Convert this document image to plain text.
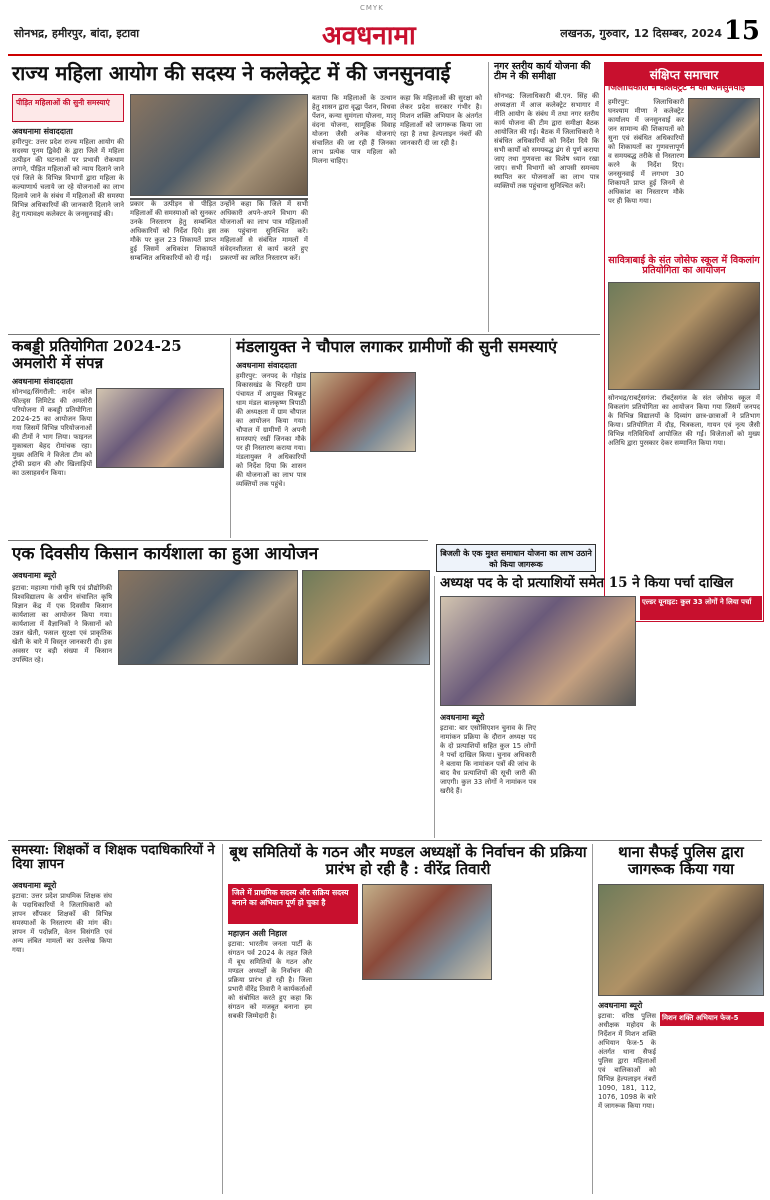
CMYK
सोनभद्र, हमीरपुर, बांदा, इटावा	अवधनामा	लखनऊ, गुरुवार, 12 दिसम्बर, 2024 15
राज्य महिला आयोग की सदस्य ने कलेक्ट्रेट में की जनसुनवाई
पीड़ित महिलाओं की सुनी समस्याएं
अवधनामा संवाददाता
हमीरपुर: उत्तर प्रदेश राज्य महिला आयोग की सदस्या पूनम द्विवेदी के द्वारा जिले में महिला उत्पीड़न की घटनाओं पर प्रभावी रोकथाम लगाने, पीड़ित महिलाओं को न्याय दिलाने जाने एवं जिले के विभिन्न विभागों द्वारा महिला के कल्याणार्थ चलाये जा रहे योजनाओं का लाभ दिलाये जाने के संबंध में महिलाओं की समस्या विभिन्न अधिकारियों की जानकारी दिलाने जाने हेतु गत्यावक्ष्य कलेक्टर के जनसुनवाई की।
प्रकार के उत्पीड़न से पीड़ित महिलाओं की समस्याओं को सुनकर उनके निस्तारण हेतु सम्बन्धित अधिकारियों को निर्देश दिये। इस मौके पर कुल 23 शिकायतें प्राप्त हुई जिसमें अधिकांश शिकायतें सम्बन्धित अधिकारियों को दी गई।
उन्होंने कहा कि जिले में सभी अधिकारी अपने-अपने विभाग की योजनाओं का लाभ पात्र महिलाओं तक पहुंचाना सुनिश्चित करें। महिलाओं से संबंधित मामलों में संवेदनशीलता से कार्य करते हुए प्रकरणों का त्वरित निस्तारण करें।
बताया कि महिलाओं के उत्थान हेतु शासन द्वारा वृद्धा पेंशन, विधवा पेंशन, कन्या सुमंगला योजना, मातृ वंदना योजना, सामूहिक विवाह योजना जैसी अनेक योजनाएं संचालित की जा रही हैं जिनका लाभ प्रत्येक पात्र महिला को मिलना चाहिए।
कहा कि महिलाओं की सुरक्षा को लेकर प्रदेश सरकार गंभीर है। मिशन शक्ति अभियान के अंतर्गत महिलाओं को जागरूक किया जा रहा है तथा हेल्पलाइन नंबरों की जानकारी दी जा रही है।
नगर स्तरीय कार्य योजना की टीम ने की समीक्षा
सोनभद्र: जिलाधिकारी बी.एन. सिंह की अध्यक्षता में आज कलेक्ट्रेट सभागार में नीति आयोग के संबंध में तथा नगर स्तरीय कार्य योजना की टीम द्वारा समीक्षा बैठक आयोजित की गई। बैठक में जिलाधिकारी ने संबंधित अधिकारियों को निर्देश दिये कि सभी कार्यों को समयबद्ध ढंग से पूर्ण कराया जाए तथा गुणवत्ता का विशेष ध्यान रखा जाए। सभी विभागों को आपसी समन्वय स्थापित कर योजनाओं का लाभ पात्र व्यक्तियों तक पहुंचाना सुनिश्चित करें।
संक्षिप्त समाचार
जिलाधिकारी ने कलेक्ट्रेट में की जनसुनवाई
हमीरपुर: जिलाधिकारी घनश्याम मीणा ने कलेक्ट्रेट कार्यालय में जनसुनवाई कर जन सामान्य की शिकायतों को सुना एवं संबंधित अधिकारियों को शिकायतों का गुणवत्तापूर्ण व समयबद्ध तरीके से निस्तारण करने के निर्देश दिए। जनसुनवाई में लगभग 30 शिकायतें प्राप्त हुई जिनमें से अधिकांश का निस्तारण मौके पर ही किया गया।
सावित्राबाई के संत जोसेफ स्कूल में विकलांग प्रतियोगिता का आयोजन
सोनभद्र/राबर्ट्सगंज: रॉबर्ट्सगंज के संत जोसेफ स्कूल में विकलांग प्रतियोगिता का आयोजन किया गया जिसमें जनपद के विभिन्न विद्यालयों के दिव्यांग छात्र-छात्राओं ने प्रतिभाग किया। प्रतियोगिता में दौड़, चित्रकला, गायन एवं नृत्य जैसी विभिन्न गतिविधियाँ आयोजित की गईं। विजेताओं को मुख्य अतिथि द्वारा पुरस्कार देकर सम्मानित किया गया।
कबड्डी प्रतियोगिता 2024-25 अमलोरी में संपन्न
अवधनामा संवाददाता
सोनभद्र/सिंगरौली: नार्दन कोल फील्ड्स लिमिटेड की अमलोरी परियोजना में कबड्डी प्रतियोगिता 2024-25 का आयोजन किया गया जिसमें विभिन्न परियोजनाओं की टीमों ने भाग लिया। फाइनल मुकाबला बेहद रोमांचक रहा। मुख्य अतिथि ने विजेता टीम को ट्रॉफी प्रदान की और खिलाड़ियों का उत्साहवर्धन किया।
मंडलायुक्त ने चौपाल लगाकर ग्रामीणों की सुनी समस्याएं
अवधनामा संवाददाता
हमीरपुर: जनपद के गोहांड विकासखंड के चिरहरी ग्राम पंचायत में आयुक्त चित्रकूट धाम मंडल बालकृष्ण त्रिपाठी की अध्यक्षता में ग्राम चौपाल का आयोजन किया गया। चौपाल में ग्रामीणों ने अपनी समस्याएं रखीं जिनका मौके पर ही निस्तारण कराया गया। मंडलायुक्त ने अधिकारियों को निर्देश दिया कि शासन की योजनाओं का लाभ पात्र व्यक्तियों तक पहुंचे।
बिजली के एक मुश्त समाधान योजना का लाभ उठाने को किया जागरूक
एक दिवसीय किसान कार्यशाला का हुआ आयोजन
अवधनामा ब्यूरो
इटावा: महात्मा गांधी कृषि एवं प्रौद्योगिकी विश्वविद्यालय के अधीन संचालित कृषि विज्ञान केंद्र में एक दिवसीय किसान कार्यशाला का आयोजन किया गया। कार्यशाला में वैज्ञानिकों ने किसानों को उन्नत खेती, फसल सुरक्षा एवं प्राकृतिक खेती के बारे में विस्तृत जानकारी दी। इस अवसर पर बड़ी संख्या में किसान उपस्थित रहे।
अध्यक्ष पद के दो प्रत्याशियों समेत 15 ने किया पर्चा दाखिल
एल्डर यूनाइट: कुल 33 लोगों ने लिया पर्चा
अवधनामा ब्यूरो
इटावा: बार एसोसिएशन चुनाव के लिए नामांकन प्रक्रिया के दौरान अध्यक्ष पद के दो प्रत्याशियों सहित कुल 15 लोगों ने पर्चा दाखिल किया। चुनाव अधिकारी ने बताया कि नामांकन पत्रों की जांच के बाद वैध प्रत्याशियों की सूची जारी की जाएगी। कुल 33 लोगों ने नामांकन पत्र खरीदे हैं।
समस्या: शिक्षकों व शिक्षक पदाधिकारियों ने दिया ज्ञापन
अवधनामा ब्यूरो
इटावा: उत्तर प्रदेश प्राथमिक शिक्षक संघ के पदाधिकारियों ने जिलाधिकारी को ज्ञापन सौंपकर शिक्षकों की विभिन्न समस्याओं के निस्तारण की मांग की। ज्ञापन में पदोन्नति, वेतन विसंगति एवं अन्य लंबित मामलों का उल्लेख किया गया।
बूथ समितियों के गठन और मण्डल अध्यक्षों के निर्वाचन की प्रक्रिया प्रारंभ हो रही है : वीरेंद्र तिवारी
जिले में प्राथमिक सदस्य और सक्रिय सदस्य बनाने का अभियान पूर्ण हो चुका है
महाज़न अली निहाल
इटावा: भारतीय जनता पार्टी के संगठन पर्व 2024 के तहत जिले में बूथ समितियों के गठन और मण्डल अध्यक्षों के निर्वाचन की प्रक्रिया प्रारंभ हो रही है। जिला प्रभारी वीरेंद्र तिवारी ने कार्यकर्ताओं को संबोधित करते हुए कहा कि संगठन को मजबूत बनाना हम सबकी जिम्मेदारी है।
थाना सैफई पुलिस द्वारा जागरूक किया गया
अवधनामा ब्यूरो
मिशन शक्ति अभियान फेज-5
इटावा: वरिष्ठ पुलिस अधीक्षक महोदय के निर्देशन में मिशन शक्ति अभियान फेज-5 के अंतर्गत थाना सैफई पुलिस द्वारा महिलाओं एवं बालिकाओं को विभिन्न हेल्पलाइन नंबरों 1090, 181, 112, 1076, 1098 के बारे में जागरूक किया गया।
